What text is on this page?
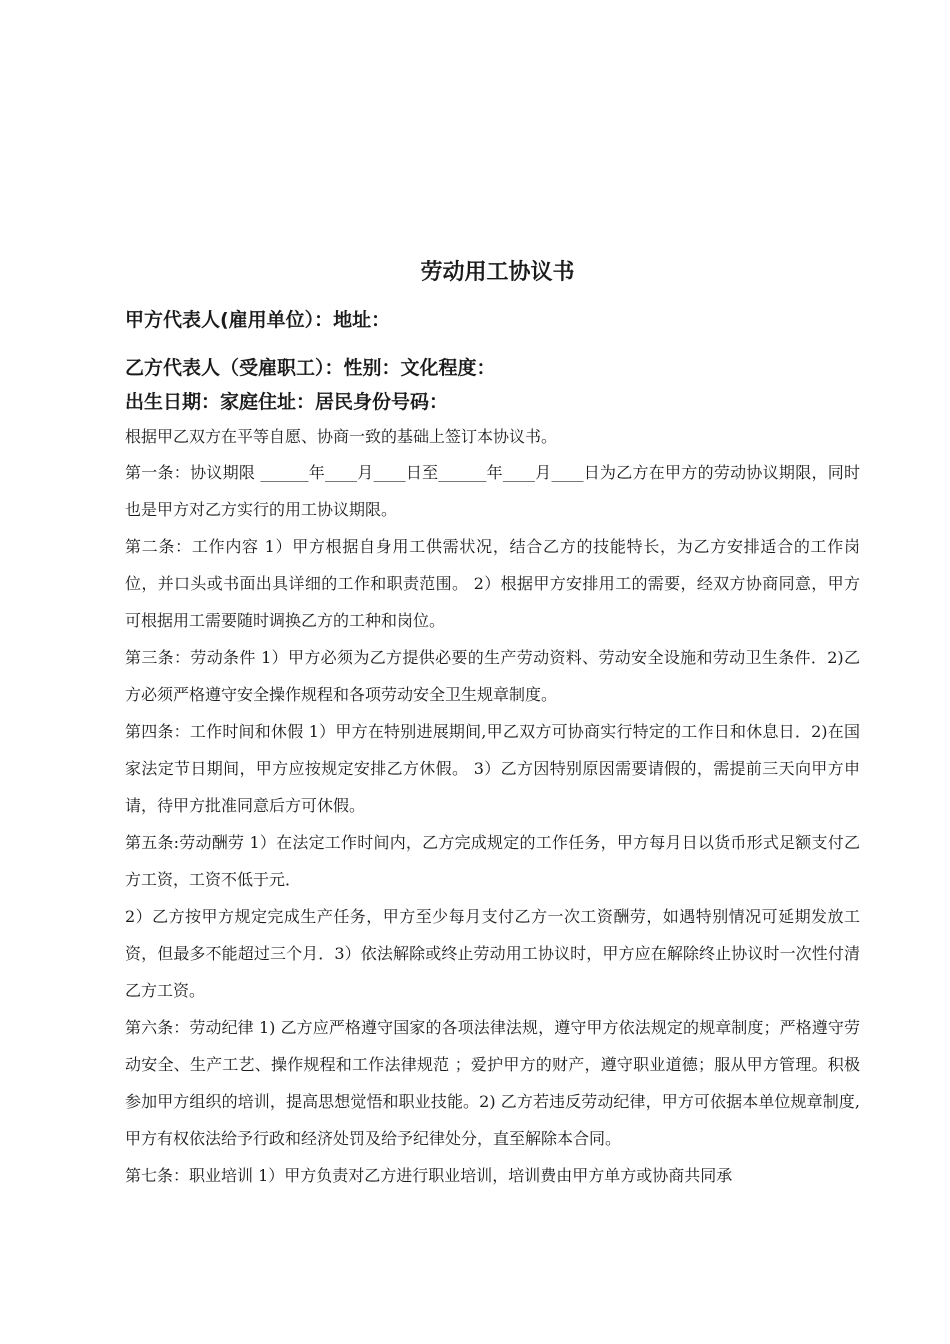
劳动用工协议书

甲方代表人(雇用单位）：地址：

乙方代表人（受雇职工）：性别：文化程度：

出生日期：家庭住址：居民身份号码：

根据甲乙双方在平等自愿、协商一致的基础上签订本协议书。

第一条：协议期限 ______年____月____日至______年____月____日为乙方在甲方的劳动协议期限，同时也是甲方对乙方实行的用工协议期限。

第二条：工作内容 1）甲方根据自身用工供需状况，结合乙方的技能特长，为乙方安排适合的工作岗位，并口头或书面出具详细的工作和职责范围。 2）根据甲方安排用工的需要，经双方协商同意，甲方可根据用工需要随时调换乙方的工种和岗位。

第三条：劳动条件 1）甲方必须为乙方提供必要的生产劳动资料、劳动安全设施和劳动卫生条件．2)乙方必须严格遵守安全操作规程和各项劳动安全卫生规章制度。

第四条：工作时间和休假 1）甲方在特别进展期间,甲乙双方可协商实行特定的工作日和休息日．2)在国家法定节日期间，甲方应按规定安排乙方休假。 3）乙方因特别原因需要请假的，需提前三天向甲方申请，待甲方批准同意后方可休假。

第五条:劳动酬劳 1）在法定工作时间内，乙方完成规定的工作任务，甲方每月日以货币形式足额支付乙方工资，工资不低于元．

2）乙方按甲方规定完成生产任务，甲方至少每月支付乙方一次工资酬劳，如遇特别情况可延期发放工资，但最多不能超过三个月．3）依法解除或终止劳动用工协议时，甲方应在解除终止协议时一次性付清乙方工资。

第六条：劳动纪律 1) 乙方应严格遵守国家的各项法律法规，遵守甲方依法规定的规章制度；严格遵守劳动安全、生产工艺、操作规程和工作法律规范 ；爱护甲方的财产，遵守职业道德；服从甲方管理。积极参加甲方组织的培训，提高思想觉悟和职业技能。2) 乙方若违反劳动纪律，甲方可依据本单位规章制度,甲方有权依法给予行政和经济处罚及给予纪律处分，直至解除本合同。

第七条：职业培训 1）甲方负责对乙方进行职业培训，培训费由甲方单方或协商共同承
